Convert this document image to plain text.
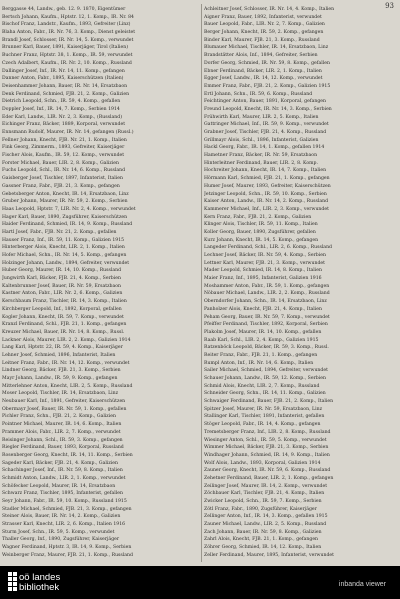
93
Berggasse 44, Landw., geb. 12. 9. 1870, Eigentümer
Bertsch Johann, Kaufm., Hptstr. 12, 1. Komp., IR. Nr. 84
Bischof Franz, Landstr., Kaufm., 1893, Gefreiter (Linz)
Blaha Anton, Fabr., IR. Nr. 76, 3. Komp., Dienst geleistet
Brandl Josef, Schlosser, IR. Nr. 14, 5. Komp., verwundet
Brunner Karl, Bauer, 1891, Kaiserjäger, Tirol (Italien)
Buchner Franz, Hptstr. 38, 1. Komp., IR. 59, verwundet
Czech Adalbert, Kaufm., IR. Nr. 2, 10. Komp., Russland
Dallinger Josef, Inf., IR. Nr. 14, 11. Komp., gefangen
Danner Anton, Fabr., 1895, Kaiserschützen (Italien)
Deisenhammer Johann, Bauer, IR. Nr. 14, Ersatzbaon
Denk Ferdinand, Schmied, FJB. 21, 2. Komp., Galizien
Dietrich Leopold, Schn., IR. 59, 4. Komp., gefallen
Doppler Josef, Inf., IR. 14, 7. Komp., Serbien 1914
Eder Karl, Landw., LIR. Nr. 2, 3. Komp., (Russland)
Eichinger Franz, Bäcker, 1889, Korporal, verwundet
Ennsmann Rudolf, Maurer, IR. Nr. 14, gefangen (Russl.)
Fellner Johann, Knecht, FJB. Nr. 21, 1. Komp., Italien
Fink Georg, Zimmerm., 1893, Gefreiter, Kaiserjäger
Fischer Alois, Kaufm., IR. 59, 12. Komp., verwundet
Forster Michael, Bauer, LIR. 2, 8. Komp., Galizien
Fuchs Leopold, Schl., IR. Nr. 14, 6. Komp., Russland
Gaisberger Josef, Tischler, 1897, Infanterist, Italien
Gassner Franz, Fabr., FJB. 21, 3. Komp., gefangen
Gebetsberger Anton, Knecht, IR. 14, Ersatzbaon, Linz
Gruber Johann, Maurer, IR. Nr. 59, 2. Komp., Serbien
Haas Leopold, Hptstr. 7, LIR. Nr. 2, 4. Komp., verwundet
Hager Karl, Bauer, 1890, Zugsführer, Kaiserschützen
Haider Ferdinand, Schmied, IR. 14, 9. Komp., Russland
Hartl Josef, Fabr., FJB. Nr. 21, 2. Komp., gefallen
Hauser Franz, Inf., IR. 59, 11. Komp., Galizien 1915
Hinterberger Alois, Knecht, LIR. 2, 1. Komp., Italien
Hofer Michael, Schn., IR. Nr. 14, 5. Komp., gefangen
Holzinger Johann, Landw., 1894, Gefreiter, verwundet
Huber Georg, Maurer, IR. 14, 10. Komp., Russland
Jungwirth Karl, Bäcker, FJB. 21, 4. Komp., Serbien
Kaltenbrunner Josef, Bauer, IR. Nr. 59, Ersatzbaon
Kastner Anton, Fabr., LIR. Nr. 2, 6. Komp., Galizien
Kerschbaum Franz, Tischler, IR. 14, 3. Komp., Italien
Kirchberger Leopold, Inf., 1892, Korporal, gefallen
Kogler Johann, Knecht, IR. 59, 7. Komp., verwundet
Kranzl Ferdinand, Schl., FJB. 21, 1. Komp., gefangen
Kreuzer Michael, Bauer, IR. Nr. 14, 8. Komp., Russl.
Lackner Alois, Maurer, LIR. 2, 2. Komp., Galizien 1914
Lang Karl, Hptstr. 22, IR. 59, 4. Komp., Kaiserjäger
Lehner Josef, Schmied, 1896, Infanterist, Italien
Leitner Franz, Fabr., IR. Nr. 14, 12. Komp., verwundet
Lindner Georg, Bäcker, FJB. 21, 3. Komp., Serbien
Mayr Johann, Landw., IR. 59, 9. Komp., gefangen
Mitterlehner Anton, Knecht, LIR. 2, 5. Komp., Russland
Moser Leopold, Tischler, IR. 14, Ersatzbaon, Linz
Neubauer Karl, Inf., 1891, Gefreiter, Kaiserschützen
Obermayr Josef, Bauer, IR. Nr. 59, 1. Komp., gefallen
Pichler Franz, Schn., FJB. 21, 2. Komp., Galizien
Pointner Michael, Maurer, IR. 14, 6. Komp., Italien
Prammer Alois, Fabr., LIR. 2, 7. Komp., verwundet
Reisinger Johann, Schl., IR. 59, 3. Komp., gefangen
Riegler Ferdinand, Bauer, 1893, Korporal, Russland
Rosenberger Georg, Knecht, IR. 14, 11. Komp., Serbien
Sageder Karl, Bäcker, FJB. 21, 4. Komp., Galizien
Schachinger Josef, Inf., IR. Nr. 59, 8. Komp., Italien
Schmidt Anton, Landw., LIR. 2, 1. Komp., verwundet
Schöfecker Leopold, Maurer, IR. 14, Ersatzbaon
Schwarz Franz, Tischler, 1895, Infanterist, gefallen
Seyr Johann, Fabr., IR. 59, 10. Komp., Russland 1915
Stadler Michael, Schmied, FJB. 21, 3. Komp., gefangen
Steiner Alois, Bauer, IR. Nr. 14, 2. Komp., Galizien
Strasser Karl, Knecht, LIR. 2, 6. Komp., Italien 1916
Sturm Josef, Schn., IR. 59, 5. Komp., verwundet
Thaller Georg, Inf., 1890, Zugsführer, Kaiserjäger
Wagner Ferdinand, Hptstr. 3, IR. 14, 9. Komp., Serbien
Weinberger Franz, Maurer, FJB. 21, 1. Komp., Russland
Achleitner Josef, Schlosser, IR. Nr. 14, 4. Komp., Italien
Aigner Franz, Bauer, 1892, Infanterist, verwundet
Bauer Leopold, Fabr., LIR. Nr. 2, 7. Komp., Galizien
Berger Johann, Knecht, IR. 59, 2. Komp., gefangen
Binder Karl, Maurer, FJB. 21, 3. Komp., Russland
Blumauer Michael, Tischler, IR. 14, Ersatzbaon, Linz
Brandstätter Alois, Inf., 1894, Gefreiter, Serbien
Dorfer Georg, Schmied, IR. Nr. 59, 8. Komp., gefallen
Ebner Ferdinand, Bäcker, LIR. 2, 1. Komp., Italien
Egger Josef, Landw., IR. 14, 12. Komp., verwundet
Emmer Franz, Fabr., FJB. 21, 2. Komp., Galizien 1915
Ertl Johann, Schn., IR. 59, 6. Komp., Russland
Feichtinger Anton, Bauer, 1891, Korporal, gefangen
Freund Leopold, Knecht, IR. Nr. 14, 3. Komp., Serbien
Frühwirth Karl, Maurer, LIR. 2, 5. Komp., Italien
Gattringer Michael, Inf., IR. 59, 9. Komp., verwundet
Grabner Josef, Tischler, FJB. 21, 4. Komp., Russland
Grillmayr Alois, Schl., 1896, Infanterist, Galizien
Hackl Georg, Fabr., IR. 14, 1. Komp., gefallen 1914
Hametner Franz, Bäcker, IR. Nr. 59, Ersatzbaon
Hinterleitner Ferdinand, Bauer, LIR. 2, 8. Komp.
Hochreiter Johann, Knecht, IR. 14, 7. Komp., Italien
Hörmann Karl, Schmied, FJB. 21, 1. Komp., gefangen
Humer Josef, Maurer, 1893, Gefreiter, Kaiserschützen
Jetzinger Leopold, Schn., IR. 59, 10. Komp., Serbien
Kaiser Anton, Landw., IR. Nr. 14, 2. Komp., Russland
Kammerer Michael, Inf., LIR. 2, 3. Komp., verwundet
Kern Franz, Fabr., FJB. 21, 2. Komp., Galizien
Klinger Alois, Tischler, IR. 59, 11. Komp., Italien
Koller Georg, Bauer, 1890, Zugsführer, gefallen
Kurz Johann, Knecht, IR. 14, 5. Komp., gefangen
Langeder Ferdinand, Schl., LIR. 2, 6. Komp., Russland
Lechner Josef, Bäcker, IR. Nr. 59, 4. Komp., Serbien
Lettner Karl, Maurer, FJB. 21, 3. Komp., verwundet
Mader Leopold, Schmied, IR. 14, 8. Komp., Italien
Maier Franz, Inf., 1895, Infanterist, Galizien 1916
Moshammer Anton, Fabr., IR. 59, 1. Komp., gefangen
Nöbauer Michael, Landw., LIR. 2, 2. Komp., Russland
Oberndorfer Johann, Schn., IR. 14, Ersatzbaon, Linz
Panholzer Alois, Knecht, FJB. 21, 4. Komp., Italien
Peham Georg, Bauer, IR. Nr. 59, 7. Komp., verwundet
Pfeiffer Ferdinand, Tischler, 1892, Korporal, Serbien
Plakolm Josef, Maurer, IR. 14, 10. Komp., gefallen
Raab Karl, Schl., LIR. 2, 4. Komp., Galizien 1915
Ratzenböck Leopold, Bäcker, IR. 59, 3. Komp., Russl.
Reiter Franz, Fabr., FJB. 21, 1. Komp., gefangen
Rumpl Anton, Inf., IR. Nr. 14, 6. Komp., Italien
Sailer Michael, Schmied, 1894, Gefreiter, verwundet
Schauer Johann, Landw., IR. 59, 12. Komp., Serbien
Schmid Alois, Knecht, LIR. 2, 7. Komp., Russland
Schneider Georg, Schn., IR. 14, 11. Komp., Galizien
Schwaiger Ferdinand, Bauer, FJB. 21, 2. Komp., Italien
Spitzer Josef, Maurer, IR. Nr. 59, Ersatzbaon, Linz
Stallinger Karl, Tischler, 1891, Infanterist, gefallen
Stöger Leopold, Fabr., IR. 14, 4. Komp., gefangen
Tremetsberger Franz, Inf., LIR. 2, 8. Komp., Russland
Wiesinger Anton, Schl., IR. 59, 5. Komp., verwundet
Wimmer Michael, Bäcker, FJB. 21, 3. Komp., Serbien
Windhager Johann, Schmied, IR. 14, 9. Komp., Italien
Wolf Alois, Landw., 1893, Korporal, Galizien 1914
Zauner Georg, Knecht, IR. Nr. 59, 6. Komp., Russland
Zehetner Ferdinand, Bauer, LIR. 2, 1. Komp., gefangen
Zeilinger Josef, Maurer, IR. 14, 2. Komp., verwundet
Zöchbauer Karl, Tischler, FJB. 21, 4. Komp., Italien
Zwicker Leopold, Schn., IR. 59, 7. Komp., Serbien
Zötl Franz, Fabr., 1890, Zugsführer, Kaiserjäger
Zellinger Anton, Inf., IR. 14, 3. Komp., gefallen 1915
Zauner Michael, Landw., LIR. 2, 5. Komp., Russland
Zach Johann, Bauer, IR. Nr. 59, 8. Komp., Galizien
Zahrl Alois, Knecht, FJB. 21, 1. Komp., gefangen
Zöhrer Georg, Schmied, IR. 14, 12. Komp., Italien
Zeller Ferdinand, Maurer, 1895, Infanterist, verwundet
oö landes
bibliothek	inbanda viewer
